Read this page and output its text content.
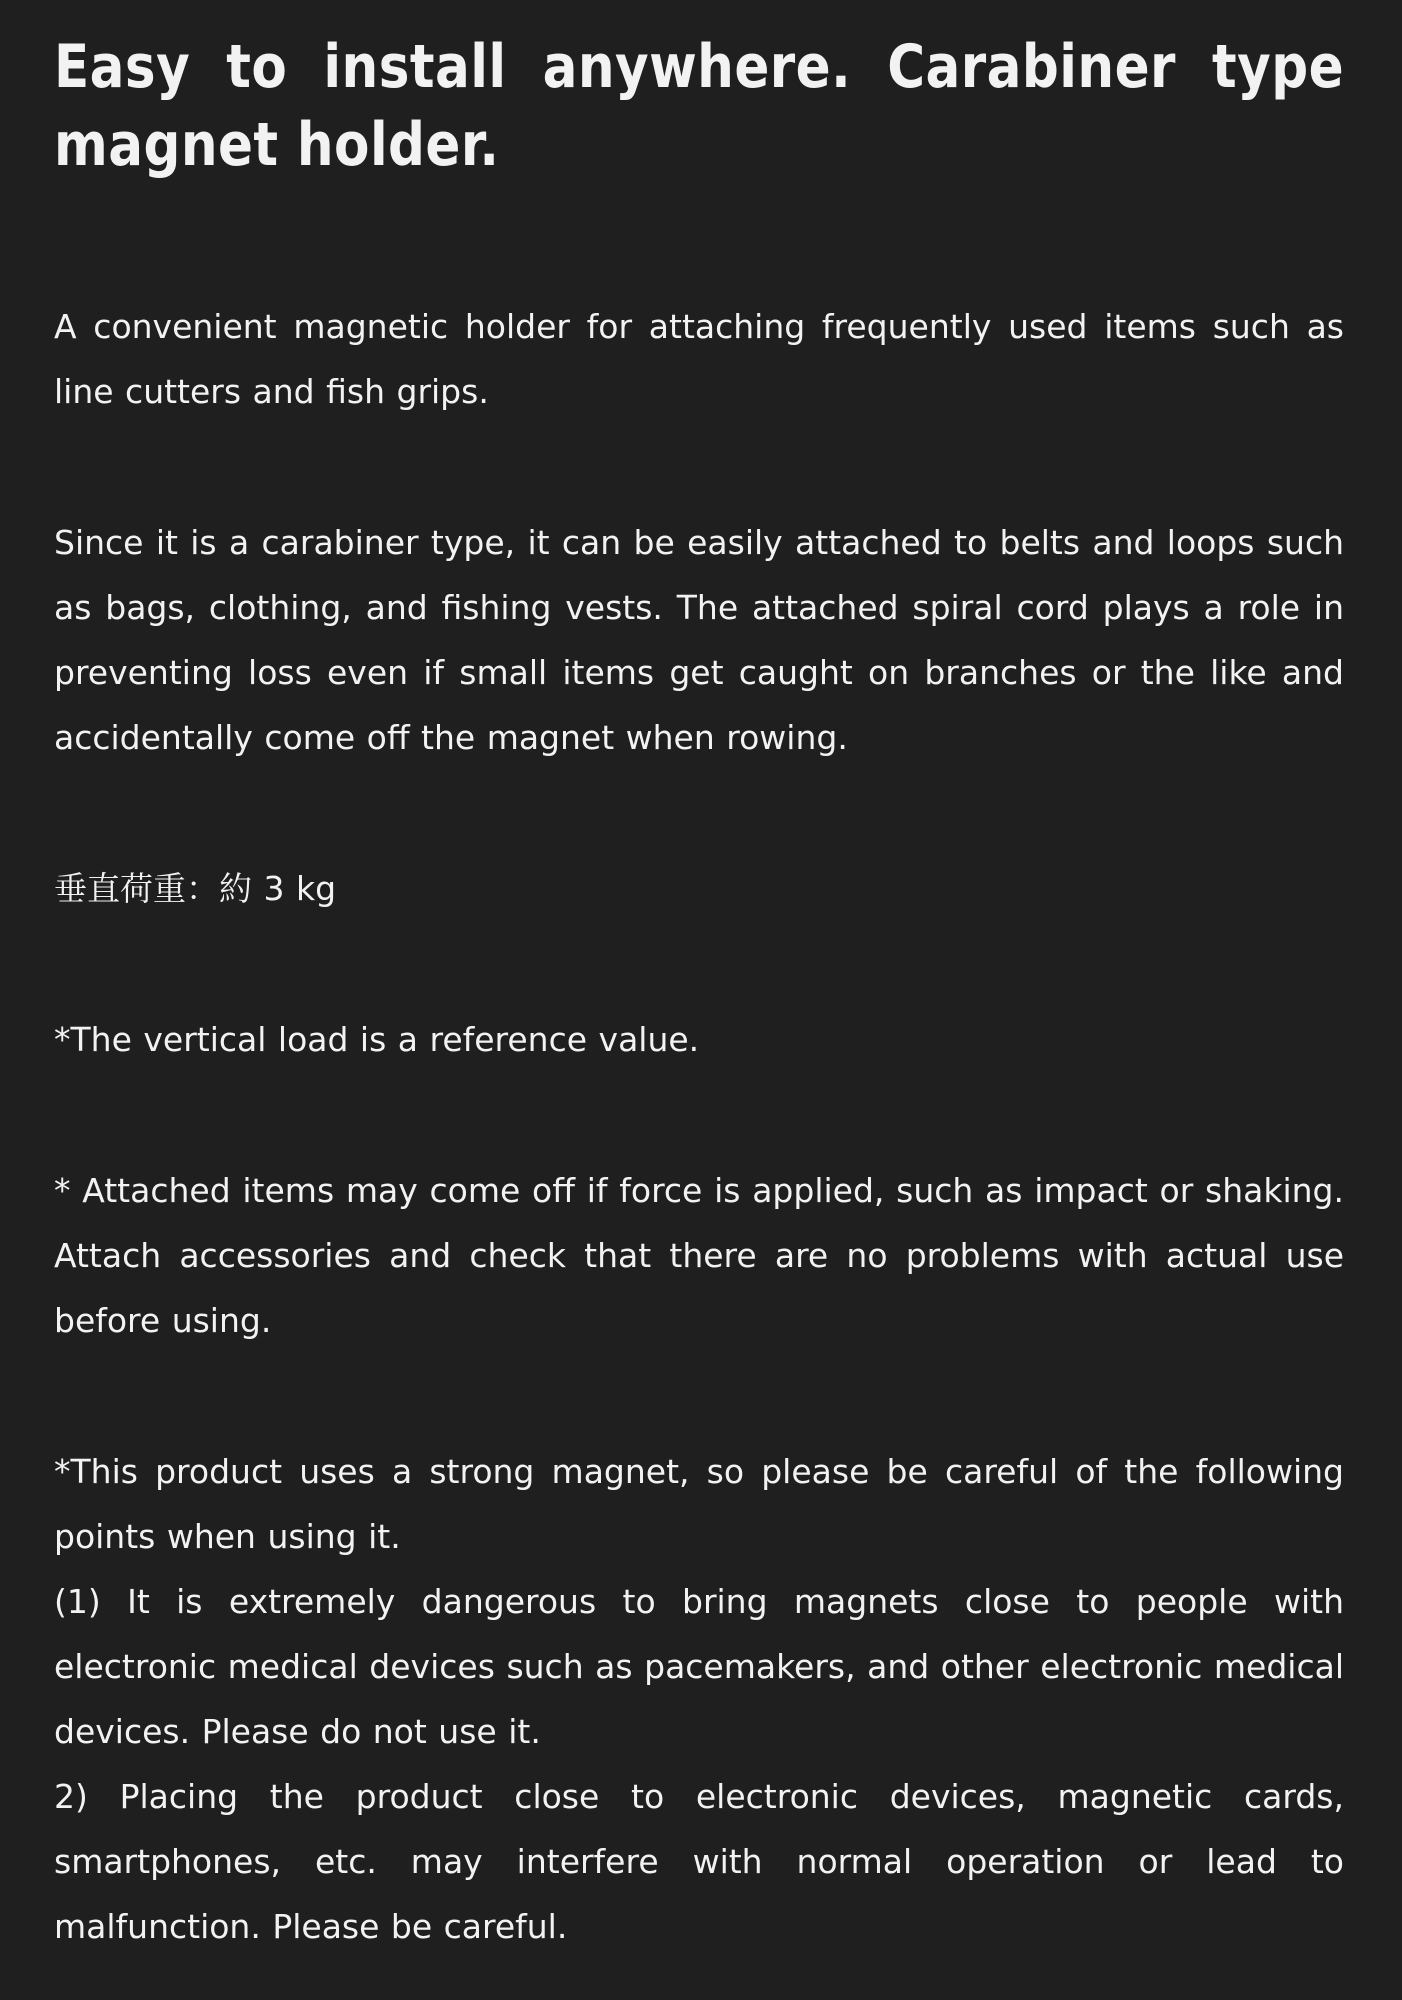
Easy to install anywhere. Carabiner type magnet holder.

A convenient magnetic holder for attaching frequently used items such as line cutters and fish grips.

Since it is a carabiner type, it can be easily attached to belts and loops such as bags, clothing, and fishing vests. The attached spiral cord plays a role in preventing loss even if small items get caught on branches or the like and accidentally come off the magnet when rowing.

垂直荷重：約 3 kg

*The vertical load is a reference value.

* Attached items may come off if force is applied, such as impact or shaking. Attach accessories and check that there are no problems with actual use before using.

*This product uses a strong magnet, so please be careful of the following points when using it.

(1) It is extremely dangerous to bring magnets close to people with electronic medical devices such as pacemakers, and other electronic medical devices. Please do not use it.

2) Placing the product close to electronic devices, magnetic cards, smartphones, etc. may interfere with normal operation or lead to malfunction. Please be careful.
